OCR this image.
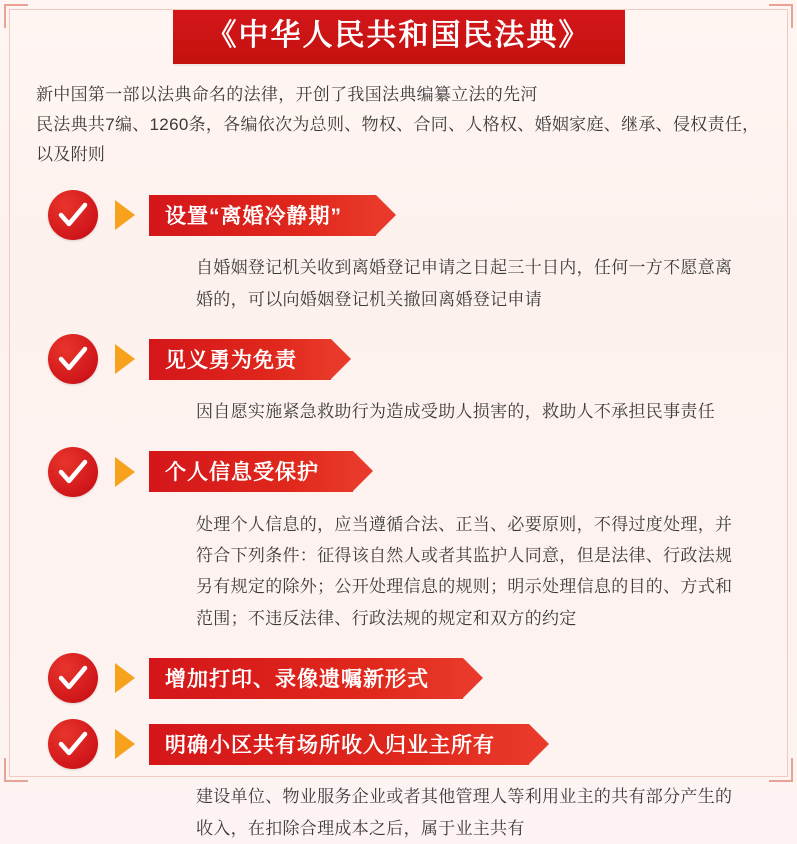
《中华人民共和国民法典》
新中国第一部以法典命名的法律，开创了我国法典编纂立法的先河
民法典共7编、1260条，各编依次为总则、物权、合同、人格权、婚姻家庭、继承、侵权责任，以及附则
设置“离婚冷静期”
自婚姻登记机关收到离婚登记申请之日起三十日内，任何一方不愿意离婚的，可以向婚姻登记机关撤回离婚登记申请
见义勇为免责
因自愿实施紧急救助行为造成受助人损害的，救助人不承担民事责任
个人信息受保护
处理个人信息的，应当遵循合法、正当、必要原则，不得过度处理，并符合下列条件：征得该自然人或者其监护人同意，但是法律、行政法规另有规定的除外；公开处理信息的规则；明示处理信息的目的、方式和范围；不违反法律、行政法规的规定和双方的约定
增加打印、录像遗嘱新形式
明确小区共有场所收入归业主所有
建设单位、物业服务企业或者其他管理人等利用业主的共有部分产生的收入，在扣除合理成本之后，属于业主共有
